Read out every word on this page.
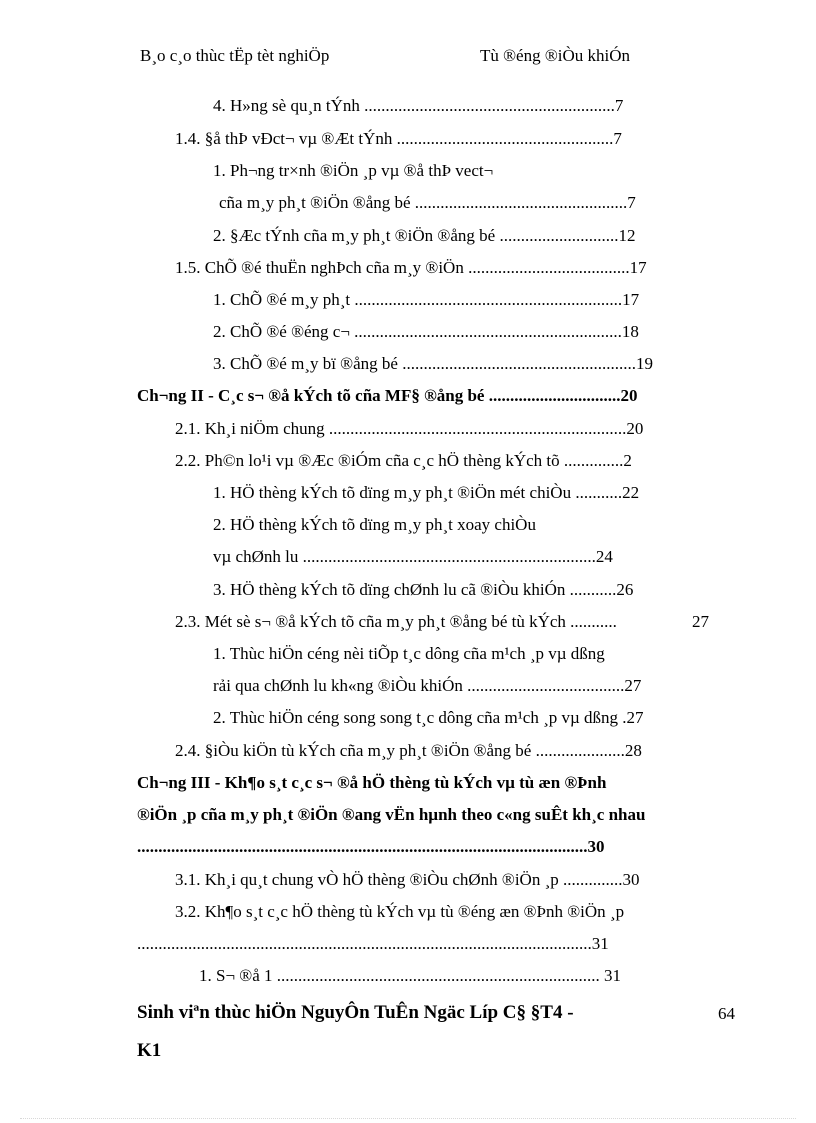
B¸o c¸o thùc tËp tèt nghiÖp	Tù ®éng ®iÒu khiÓn
4. H»ng sè qu¸n tÝnh ...........................................................7
1.4. §å thÞ vÐct¬ vµ ®Æt tÝnh ...................................................7
1. Ph¬ng tr×nh ®iÖn ¸p vµ ®å thÞ vect¬
cña m¸y ph¸t ®iÖn ®ång bé ..................................................7
2. §Æc tÝnh cña m¸y ph¸t ®iÖn ®ång bé ............................12
1.5. ChÕ ®é thuËn nghÞch cña m¸y ®iÖn ......................................17
1. ChÕ ®é m¸y ph¸t ...............................................................17
2. ChÕ ®é ®éng c¬ ...............................................................18
3. ChÕ ®é m¸y bï ®ång bé .......................................................19
Ch¬ng II - C¸c s¬ ®å kÝch tõ cña MF§ ®ång bé ...............................20
2.1. Kh¸i niÖm chung ......................................................................20
2.2. Ph©n lo¹i vµ ®Æc ®iÓm cña c¸c hÖ thèng kÝch tõ ..............2
1. HÖ thèng kÝch tõ dïng m¸y ph¸t ®iÖn mét chiÒu ...........22
2. HÖ thèng kÝch tõ dïng m¸y ph¸t xoay chiÒu
vµ chØnh lu .....................................................................24
3. HÖ thèng kÝch tõ dïng chØnh lu cã ®iÒu khiÓn ...........26
2.3. Mét sè s¬ ®å kÝch tõ cña m¸y ph¸t ®ång bé tù kÝch ...........	27
1. Thùc hiÖn céng nèi tiÕp t¸c dông cña m¹ch ¸p vµ dßng
rải qua chØnh lu kh«ng ®iÒu khiÓn .....................................27
2. Thùc hiÖn céng song song t¸c dông cña m¹ch ¸p vµ dßng .27
2.4. §iÒu kiÖn tù kÝch cña m¸y ph¸t ®iÖn ®ång bé .....................28
Ch¬ng III - Kh¶o s¸t c¸c s¬ ®å hÖ thèng tù kÝch vµ tù æn ®Þnh
®iÖn ¸p cña m¸y ph¸t ®iÖn ®ang vËn hµnh theo c«ng suÊt kh¸c nhau
..........................................................................................................30
3.1. Kh¸i qu¸t chung vÒ hÖ thèng ®iÒu chØnh ®iÖn ¸p ..............30
3.2. Kh¶o s¸t c¸c hÖ thèng tù kÝch vµ tù ®éng æn ®Þnh ®iÖn ¸p
...........................................................................................................31
1. S¬ ®å 1 ............................................................................ 31
Sinh viªn thùc hiÖn NguyÔn TuÊn Ngäc Líp C§ §T4 -
K1
64
